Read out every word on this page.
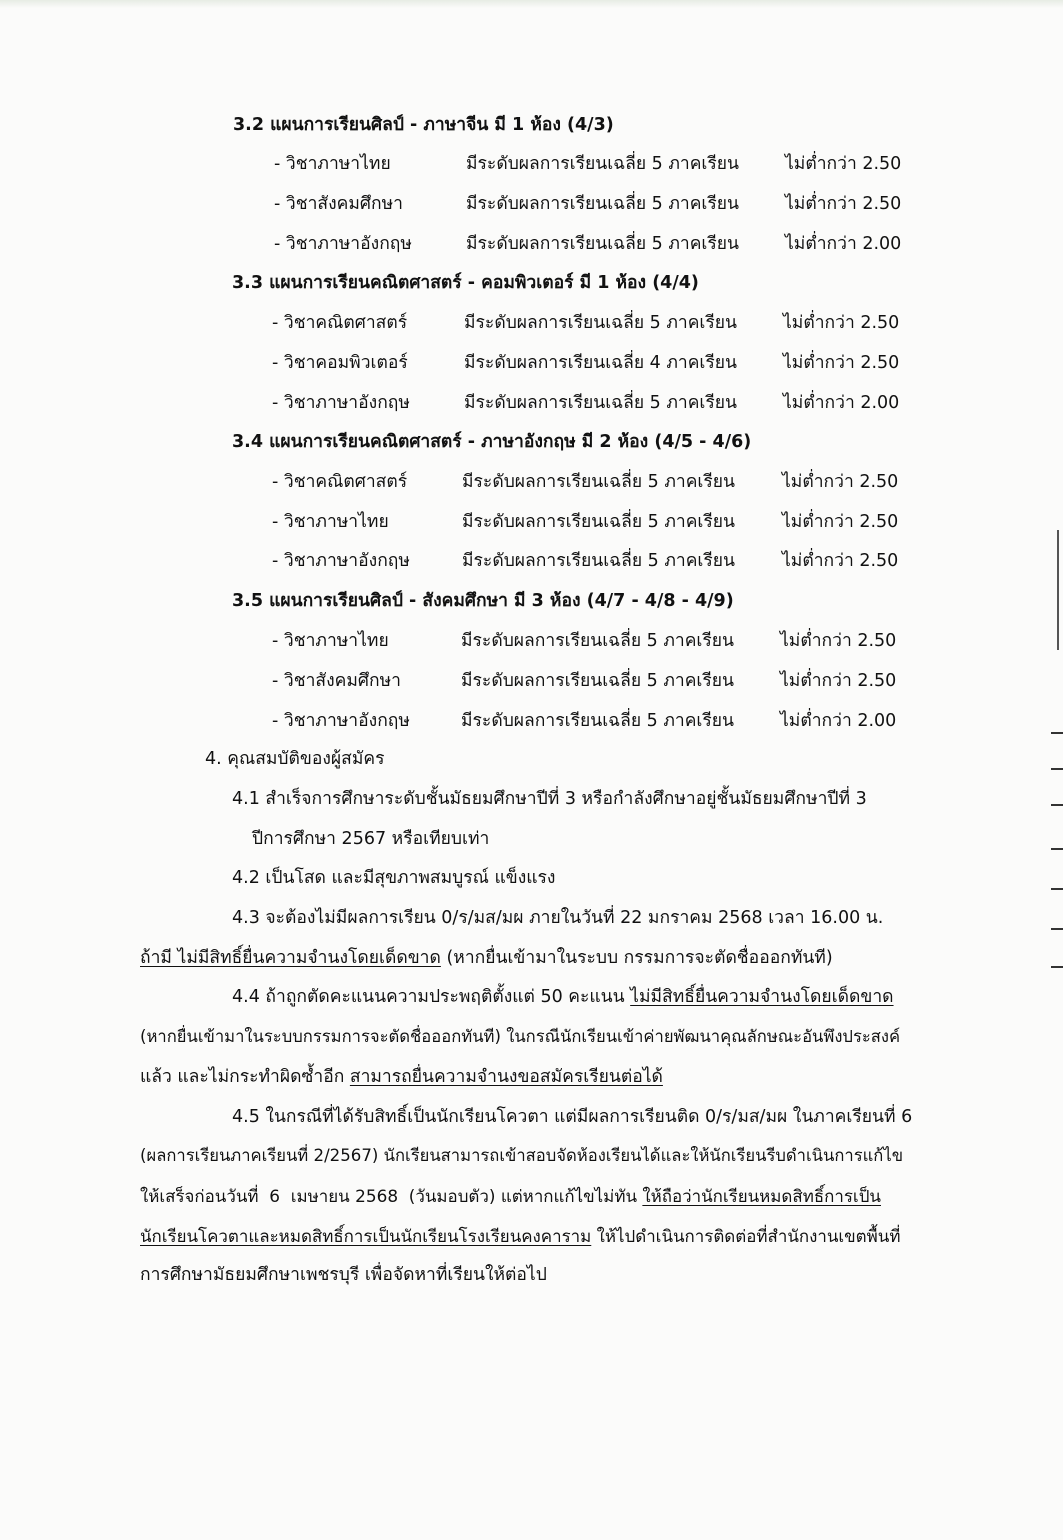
3.2 แผนการเรียนศิลป์ - ภาษาจีน มี 1 ห้อง (4/3)
- วิชาภาษาไทย	มีระดับผลการเรียนเฉลี่ย 5 ภาคเรียน	ไม่ต่ำกว่า 2.50
- วิชาสังคมศึกษา	มีระดับผลการเรียนเฉลี่ย 5 ภาคเรียน	ไม่ต่ำกว่า 2.50
- วิชาภาษาอังกฤษ	มีระดับผลการเรียนเฉลี่ย 5 ภาคเรียน	ไม่ต่ำกว่า 2.00
3.3 แผนการเรียนคณิตศาสตร์ - คอมพิวเตอร์ มี 1 ห้อง (4/4)
- วิชาคณิตศาสตร์	มีระดับผลการเรียนเฉลี่ย 5 ภาคเรียน	ไม่ต่ำกว่า 2.50
- วิชาคอมพิวเตอร์	มีระดับผลการเรียนเฉลี่ย 4 ภาคเรียน	ไม่ต่ำกว่า 2.50
- วิชาภาษาอังกฤษ	มีระดับผลการเรียนเฉลี่ย 5 ภาคเรียน	ไม่ต่ำกว่า 2.00
3.4 แผนการเรียนคณิตศาสตร์ - ภาษาอังกฤษ มี 2 ห้อง (4/5 - 4/6)
- วิชาคณิตศาสตร์	มีระดับผลการเรียนเฉลี่ย 5 ภาคเรียน	ไม่ต่ำกว่า 2.50
- วิชาภาษาไทย	มีระดับผลการเรียนเฉลี่ย 5 ภาคเรียน	ไม่ต่ำกว่า 2.50
- วิชาภาษาอังกฤษ	มีระดับผลการเรียนเฉลี่ย 5 ภาคเรียน	ไม่ต่ำกว่า 2.50
3.5 แผนการเรียนศิลป์ - สังคมศึกษา มี 3 ห้อง (4/7 - 4/8 - 4/9)
- วิชาภาษาไทย	มีระดับผลการเรียนเฉลี่ย 5 ภาคเรียน	ไม่ต่ำกว่า 2.50
- วิชาสังคมศึกษา	มีระดับผลการเรียนเฉลี่ย 5 ภาคเรียน	ไม่ต่ำกว่า 2.50
- วิชาภาษาอังกฤษ	มีระดับผลการเรียนเฉลี่ย 5 ภาคเรียน	ไม่ต่ำกว่า 2.00
4. คุณสมบัติของผู้สมัคร
4.1 สำเร็จการศึกษาระดับชั้นมัธยมศึกษาปีที่ 3 หรือกำลังศึกษาอยู่ชั้นมัธยมศึกษาปีที่ 3
ปีการศึกษา 2567 หรือเทียบเท่า
4.2 เป็นโสด และมีสุขภาพสมบูรณ์ แข็งแรง
4.3 จะต้องไม่มีผลการเรียน 0/ร/มส/มผ ภายในวันที่ 22 มกราคม 2568 เวลา 16.00 น.
ถ้ามี ไม่มีสิทธิ์ยื่นความจำนงโดยเด็ดขาด (หากยื่นเข้ามาในระบบ กรรมการจะตัดชื่อออกทันที)
4.4 ถ้าถูกตัดคะแนนความประพฤติตั้งแต่ 50 คะแนน ไม่มีสิทธิ์ยื่นความจำนงโดยเด็ดขาด
(หากยื่นเข้ามาในระบบกรรมการจะตัดชื่อออกทันที) ในกรณีนักเรียนเข้าค่ายพัฒนาคุณลักษณะอันพึงประสงค์
แล้ว และไม่กระทำผิดซ้ำอีก สามารถยื่นความจำนงขอสมัครเรียนต่อได้
4.5 ในกรณีที่ได้รับสิทธิ์เป็นนักเรียนโควตา แต่มีผลการเรียนติด 0/ร/มส/มผ ในภาคเรียนที่ 6
(ผลการเรียนภาคเรียนที่ 2/2567) นักเรียนสามารถเข้าสอบจัดห้องเรียนได้และให้นักเรียนรีบดำเนินการแก้ไข
ให้เสร็จก่อนวันที่  6  เมษายน 2568  (วันมอบตัว) แต่หากแก้ไขไม่ทัน ให้ถือว่านักเรียนหมดสิทธิ์การเป็น
นักเรียนโควตาและหมดสิทธิ์การเป็นนักเรียนโรงเรียนคงคาราม ให้ไปดำเนินการติดต่อที่สำนักงานเขตพื้นที่
การศึกษามัธยมศึกษาเพชรบุรี เพื่อจัดหาที่เรียนให้ต่อไป
